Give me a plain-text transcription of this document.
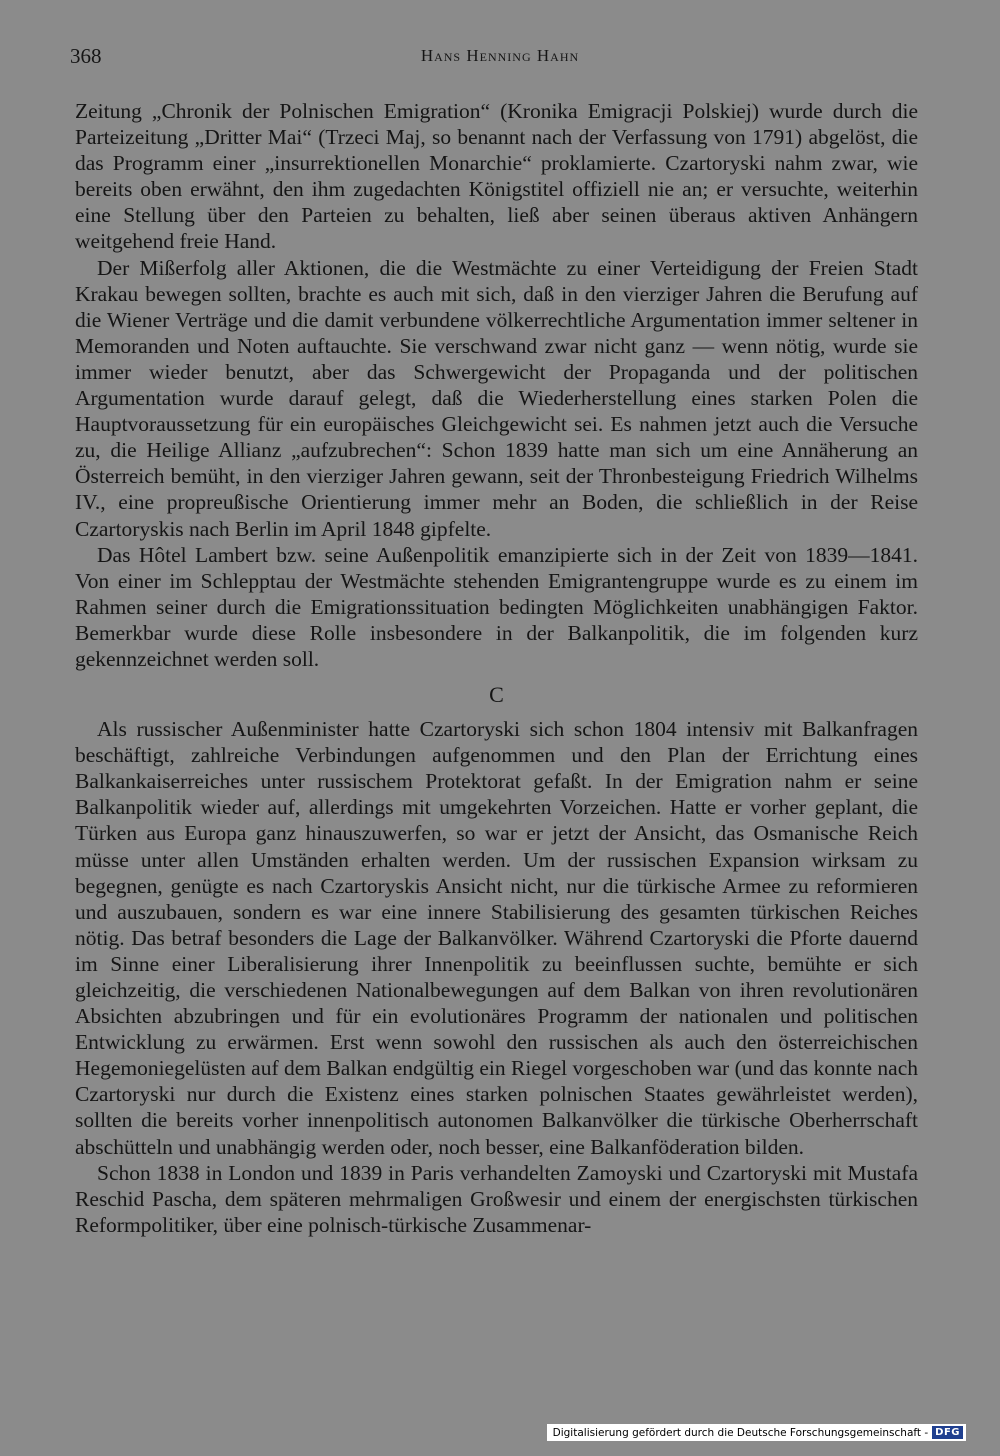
368	Hans Henning Hahn

Zeitung „Chronik der Polnischen Emigration“ (Kronika Emigracji Polskiej) wurde durch die Parteizeitung „Dritter Mai“ (Trzeci Maj, so benannt nach der Verfassung von 1791) abgelöst, die das Programm einer „insurrektionellen Monarchie“ proklamierte. Czartoryski nahm zwar, wie bereits oben erwähnt, den ihm zugedachten Königstitel offiziell nie an; er versuchte, weiterhin eine Stellung über den Parteien zu behalten, ließ aber seinen überaus aktiven Anhängern weitgehend freie Hand.

Der Mißerfolg aller Aktionen, die die Westmächte zu einer Verteidigung der Freien Stadt Krakau bewegen sollten, brachte es auch mit sich, daß in den vierziger Jahren die Berufung auf die Wiener Verträge und die damit verbundene völkerrechtliche Argumentation immer seltener in Memoranden und Noten auftauchte. Sie verschwand zwar nicht ganz — wenn nötig, wurde sie immer wieder benutzt, aber das Schwergewicht der Propaganda und der politischen Argumentation wurde darauf gelegt, daß die Wiederherstellung eines starken Polen die Hauptvoraussetzung für ein europäisches Gleichgewicht sei. Es nahmen jetzt auch die Versuche zu, die Heilige Allianz „aufzubrechen“: Schon 1839 hatte man sich um eine Annäherung an Österreich bemüht, in den vierziger Jahren gewann, seit der Thronbesteigung Friedrich Wilhelms IV., eine propreußische Orientierung immer mehr an Boden, die schließlich in der Reise Czartoryskis nach Berlin im April 1848 gipfelte.

Das Hôtel Lambert bzw. seine Außenpolitik emanzipierte sich in der Zeit von 1839—1841. Von einer im Schlepptau der Westmächte stehenden Emigrantengruppe wurde es zu einem im Rahmen seiner durch die Emigrationssituation bedingten Möglichkeiten unabhängigen Faktor. Bemerkbar wurde diese Rolle insbesondere in der Balkanpolitik, die im folgenden kurz gekennzeichnet werden soll.

C

Als russischer Außenminister hatte Czartoryski sich schon 1804 intensiv mit Balkanfragen beschäftigt, zahlreiche Verbindungen aufgenommen und den Plan der Errichtung eines Balkankaiserreiches unter russischem Protektorat gefaßt. In der Emigration nahm er seine Balkanpolitik wieder auf, allerdings mit umgekehrten Vorzeichen. Hatte er vorher geplant, die Türken aus Europa ganz hinauszuwerfen, so war er jetzt der Ansicht, das Osmanische Reich müsse unter allen Umständen erhalten werden. Um der russischen Expansion wirksam zu begegnen, genügte es nach Czartoryskis Ansicht nicht, nur die türkische Armee zu reformieren und auszubauen, sondern es war eine innere Stabilisierung des gesamten türkischen Reiches nötig. Das betraf besonders die Lage der Balkanvölker. Während Czartoryski die Pforte dauernd im Sinne einer Liberalisierung ihrer Innenpolitik zu beeinflussen suchte, bemühte er sich gleichzeitig, die verschiedenen Nationalbewegungen auf dem Balkan von ihren revolutionären Absichten abzubringen und für ein evolutionäres Programm der nationalen und politischen Entwicklung zu erwärmen. Erst wenn sowohl den russischen als auch den österreichischen Hegemoniegelüsten auf dem Balkan endgültig ein Riegel vorgeschoben war (und das konnte nach Czartoryski nur durch die Existenz eines starken polnischen Staates gewährleistet werden), sollten die bereits vorher innenpolitisch autonomen Balkanvölker die türkische Oberherrschaft abschütteln und unabhängig werden oder, noch besser, eine Balkanföderation bilden.

Schon 1838 in London und 1839 in Paris verhandelten Zamoyski und Czartoryski mit Mustafa Reschid Pascha, dem späteren mehrmaligen Großwesir und einem der energischsten türkischen Reformpolitiker, über eine polnisch-türkische Zusammenar-

Digitalisierung gefördert durch die Deutsche Forschungsgemeinschaft - DFG
